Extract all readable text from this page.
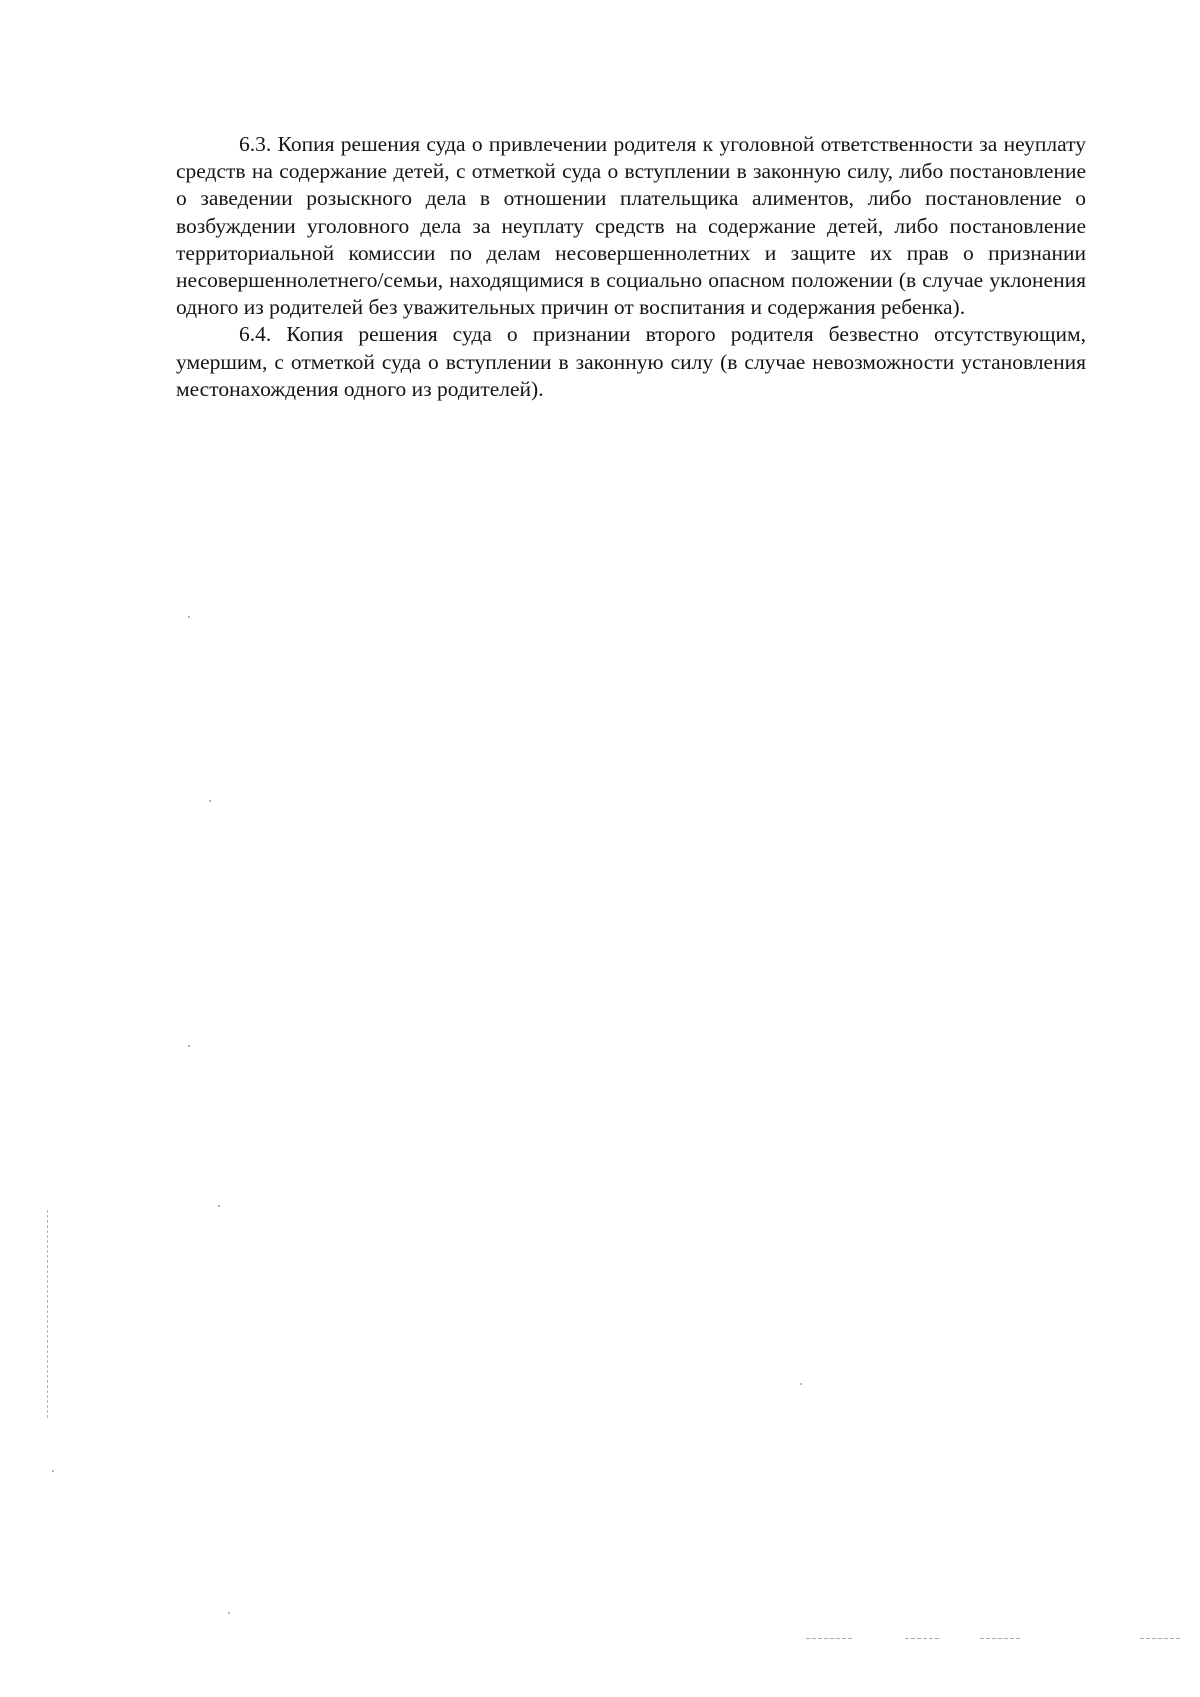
6.3. Копия решения суда о привлечении родителя к уголовной ответственности за неуплату средств на содержание детей, с отметкой суда о вступлении в законную силу, либо постановление о заведении розыскного дела в отношении плательщика алиментов, либо постановление о возбуждении уголовного дела за неуплату средств на содержание детей, либо постановление территориальной комиссии по делам несовершеннолетних и защите их прав о признании несовершеннолетнего/семьи, находящимися в социально опасном положении (в случае уклонения одного из родителей без уважительных причин от воспитания и содержания ребенка).

6.4. Копия решения суда о признании второго родителя безвестно отсутствующим, умершим, с отметкой суда о вступлении в законную силу (в случае невозможности установления местонахождения одного из родителей).
